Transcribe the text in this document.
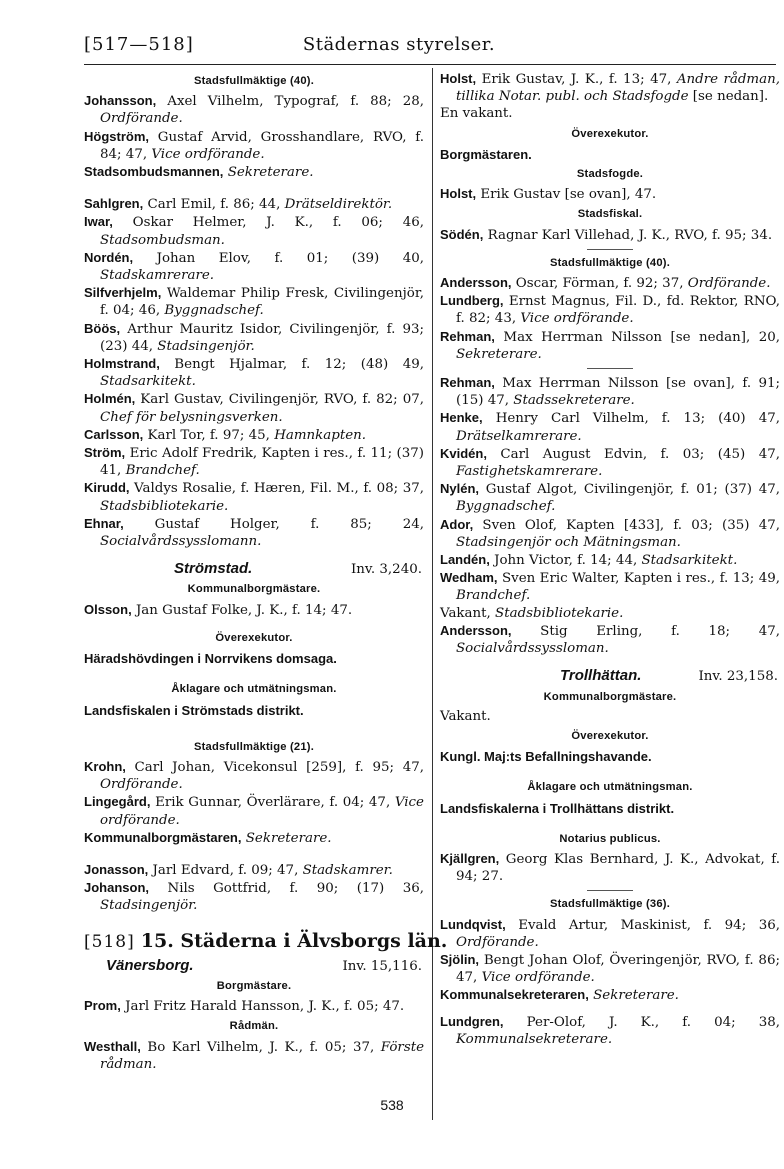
[517—518]	Städernas styrelser.
Stadsfullmäktige (40).

Johansson, Axel Vilhelm, Typograf, f. 88; 28, Ordförande.

Högström, Gustaf Arvid, Grosshandlare, RVO, f. 84; 47, Vice ordförande.

Stadsombudsmannen, Sekreterare.

Sahlgren, Carl Emil, f. 86; 44, Drätseldirektör.

Iwar, Oskar Helmer, J. K., f. 06; 46, Stadsombudsman.

Nordén, Johan Elov, f. 01; (39) 40, Stadskamrerare.

Silfverhjelm, Waldemar Philip Fresk, Civilingenjör, f. 04; 46, Byggnadschef.

Böös, Arthur Mauritz Isidor, Civilingenjör, f. 93; (23) 44, Stadsingenjör.

Holmstrand, Bengt Hjalmar, f. 12; (48) 49, Stadsarkitekt.

Holmén, Karl Gustav, Civilingenjör, RVO, f. 82; 07, Chef för belysningsverken.

Carlsson, Karl Tor, f. 97; 45, Hamnkapten.

Ström, Eric Adolf Fredrik, Kapten i res., f. 11; (37) 41, Brandchef.

Kirudd, Valdys Rosalie, f. Hæren, Fil. M., f. 08; 37, Stadsbibliotekarie.

Ehnar, Gustaf Holger, f. 85; 24, Socialvårdssysslomann.

Strömstad.	Inv. 3,240.
Kommunalborgmästare.

Olsson, Jan Gustaf Folke, J. K., f. 14; 47.

Överexekutor.
Häradshövdingen i Norrvikens domsaga.
Åklagare och utmätningsman.
Landsfiskalen i Strömstads distrikt.
Stadsfullmäktige (21).

Krohn, Carl Johan, Vicekonsul [259], f. 95; 47, Ordförande.

Lingegård, Erik Gunnar, Överlärare, f. 04; 47, Vice ordförande.

Kommunalborgmästaren, Sekreterare.

Jonasson, Jarl Edvard, f. 09; 47, Stadskamrer.

Johanson, Nils Gottfrid, f. 90; (17) 36, Stadsingenjör.

[518] 15. Städerna i Älvsborgs län.
Vänersborg.	Inv. 15,116.
Borgmästare.

Prom, Jarl Fritz Harald Hansson, J. K., f. 05; 47.

Rådmän.

Westhall, Bo Karl Vilhelm, J. K., f. 05; 37, Förste rådman.

Holst, Erik Gustav, J. K., f. 13; 47, Andre rådman, tillika Notar. publ. och Stadsfogde [se nedan].

En vakant.

Överexekutor.
Borgmästaren.
Stadsfogde.

Holst, Erik Gustav [se ovan], 47.

Stadsfiskal.

Södén, Ragnar Karl Villehad, J. K., RVO, f. 95; 34.

Stadsfullmäktige (40).

Andersson, Oscar, Förman, f. 92; 37, Ordförande.

Lundberg, Ernst Magnus, Fil. D., fd. Rektor, RNO, f. 82; 43, Vice ordförande.

Rehman, Max Herrman Nilsson [se nedan], 20, Sekreterare.

Rehman, Max Herrman Nilsson [se ovan], f. 91; (15) 47, Stadssekreterare.

Henke, Henry Carl Vilhelm, f. 13; (40) 47, Drätselkamrerare.

Kvidén, Carl August Edvin, f. 03; (45) 47, Fastighetskamrerare.

Nylén, Gustaf Algot, Civilingenjör, f. 01; (37) 47, Byggnadschef.

Ador, Sven Olof, Kapten [433], f. 03; (35) 47, Stadsingenjör och Mätningsman.

Landén, John Victor, f. 14; 44, Stadsarkitekt.

Wedham, Sven Eric Walter, Kapten i res., f. 13; 49, Brandchef.

Vakant, Stadsbibliotekarie.

Andersson, Stig Erling, f. 18; 47, Socialvårdssyssloman.

Trollhättan.	Inv. 23,158.
Kommunalborgmästare.

Vakant.

Överexekutor.
Kungl. Maj:ts Befallningshavande.
Åklagare och utmätningsman.
Landsfiskalerna i Trollhättans distrikt.
Notarius publicus.

Kjällgren, Georg Klas Bernhard, J. K., Advokat, f. 94; 27.

Stadsfullmäktige (36).

Lundqvist, Evald Artur, Maskinist, f. 94; 36, Ordförande.

Sjölin, Bengt Johan Olof, Överingenjör, RVO, f. 86; 47, Vice ordförande.

Kommunalsekreteraren, Sekreterare.

Lundgren, Per-Olof, J. K., f. 04; 38, Kommunalsekreterare.

538
